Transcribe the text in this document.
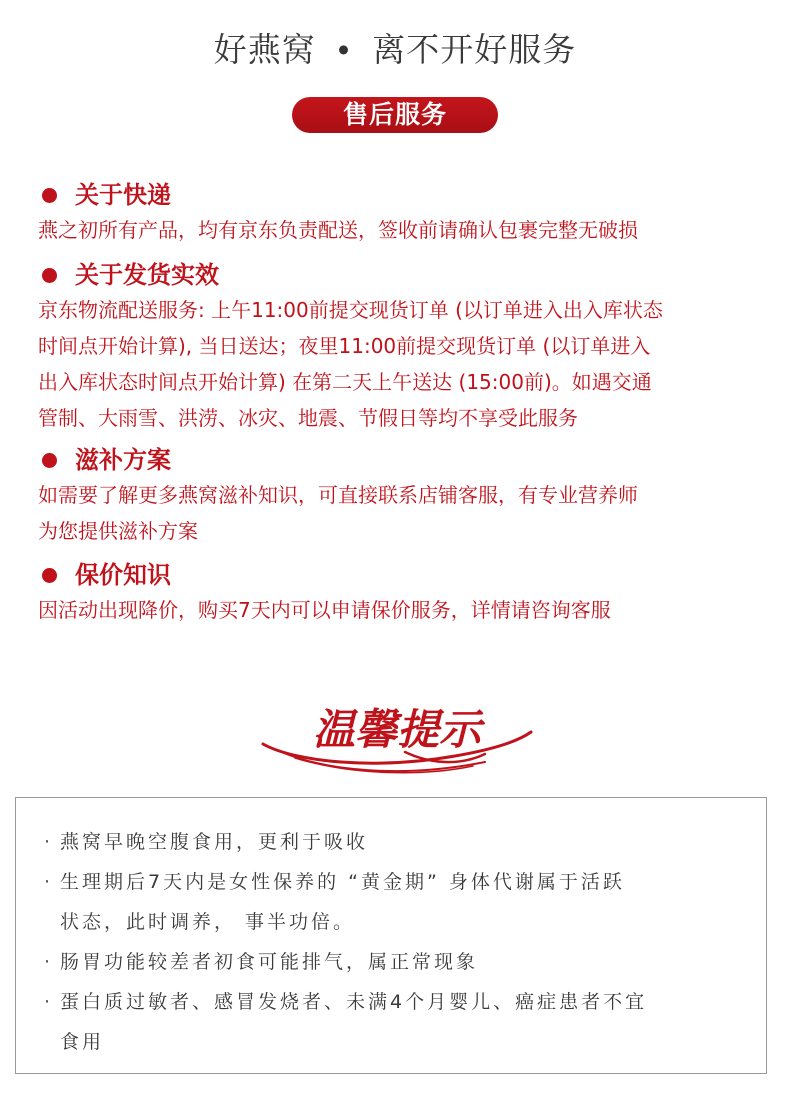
好燕窝 • 离不开好服务
售后服务
关于快递
燕之初所有产品，均有京东负责配送，签收前请确认包裹完整无破损
关于发货实效
京东物流配送服务: 上午11:00前提交现货订单 (以订单进入出入库状态
时间点开始计算), 当日送达；夜里11:00前提交现货订单 (以订单进入
出入库状态时间点开始计算) 在第二天上午送达 (15:00前)。如遇交通
管制、大雨雪、洪涝、冰灾、地震、节假日等均不享受此服务
滋补方案
如需要了解更多燕窝滋补知识，可直接联系店铺客服，有专业营养师
为您提供滋补方案
保价知识
因活动出现降价，购买7天内可以申请保价服务，详情请咨询客服
温馨提示
· 燕窝早晚空腹食用，更利于吸收
· 生理期后7天内是女性保养的 “黄金期” 身体代谢属于活跃
状态，此时调养， 事半功倍。
· 肠胃功能较差者初食可能排气，属正常现象
· 蛋白质过敏者、感冒发烧者、未满4个月婴儿、癌症患者不宜
食用
